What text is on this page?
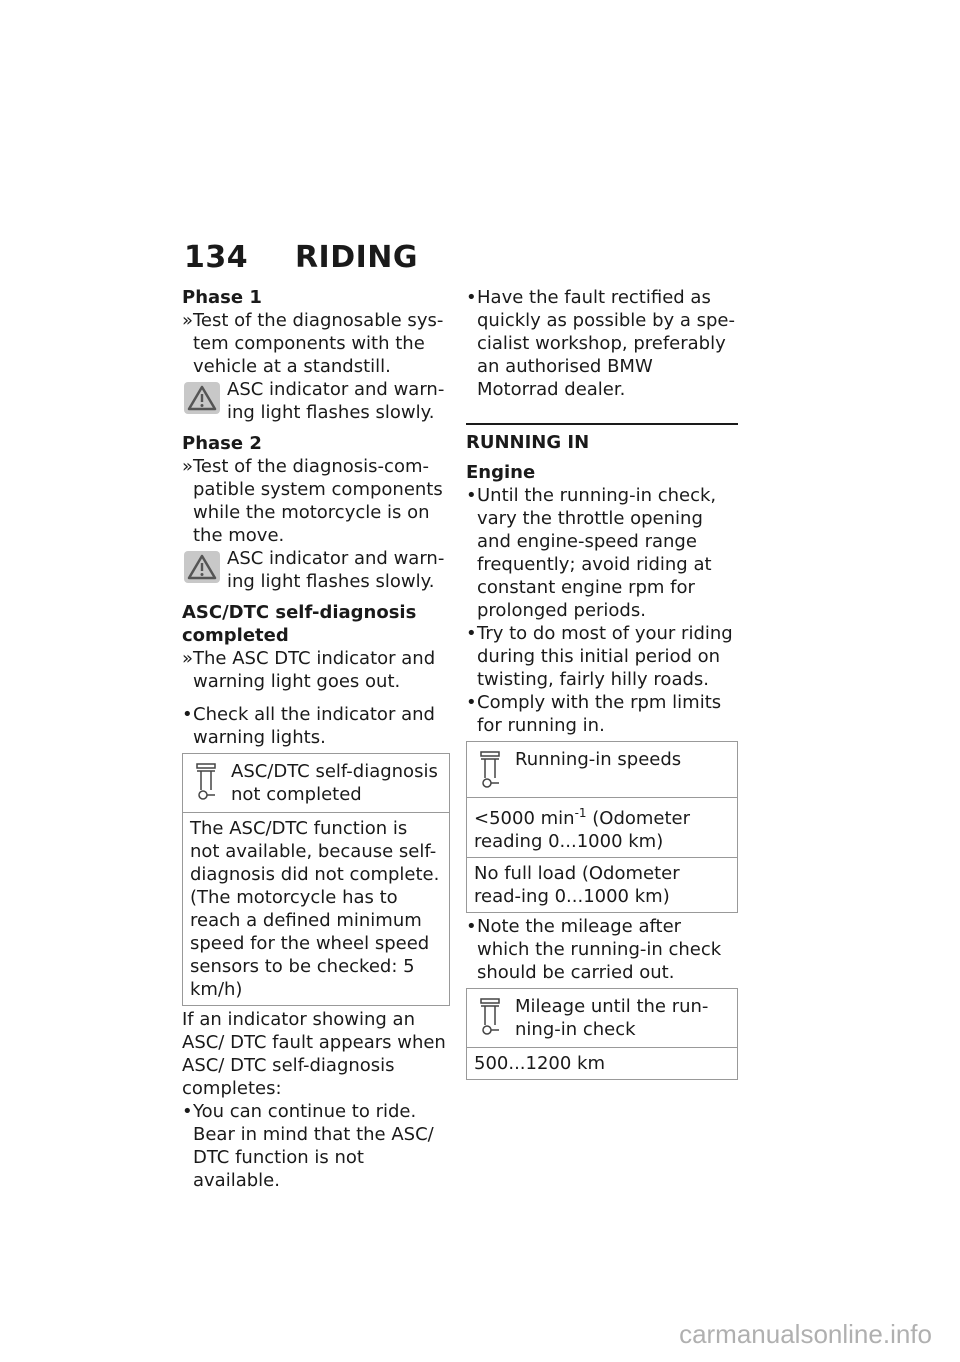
134 RIDING

Phase 1

» Test of the diagnosable sys-tem components with the vehicle at a standstill.

ASC indicator and warn-ing light flashes slowly.

Phase 2

» Test of the diagnosis-com-patible system components while the motorcycle is on the move.

ASC indicator and warn-ing light flashes slowly.

ASC/DTC self-diagnosis completed

» The ASC DTC indicator and warning light goes out.

• Check all the indicator and warning lights.

ASC/DTC self-diagnosis not completed
The ASC/DTC function is not available, because self-diagnosis did not complete. (The motorcycle has to reach a defined minimum speed for the wheel speed sensors to be checked: 5 km/h)

If an indicator showing an ASC/ DTC fault appears when ASC/ DTC self-diagnosis completes:

• You can continue to ride. Bear in mind that the ASC/ DTC function is not available.

• Have the fault rectified as quickly as possible by a spe-cialist workshop, preferably an authorised BMW Motorrad dealer.

RUNNING IN

Engine

• Until the running-in check, vary the throttle opening and engine-speed range frequently; avoid riding at constant engine rpm for prolonged periods.

• Try to do most of your riding during this initial period on twisting, fairly hilly roads.

• Comply with the rpm limits for running in.

Running-in speeds
<5000 $\min^{-1}$ (Odometer reading 0...1000 km)
No full load (Odometer read-ing 0...1000 km)

• Note the mileage after which the running-in check should be carried out.

Mileage until the run-ning-in check
500...1200 km
carmanualsonline.info
